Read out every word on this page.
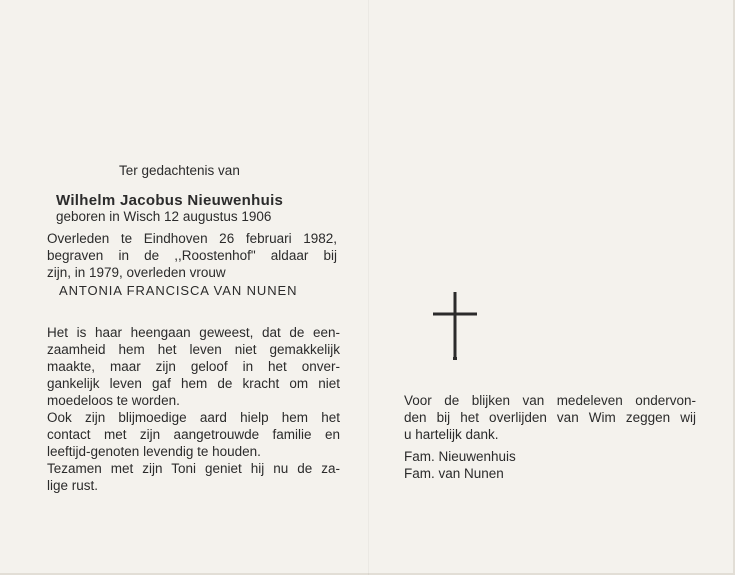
Ter gedachtenis van
Wilhelm Jacobus Nieuwenhuis
geboren in Wisch 12 augustus 1906
Overleden te Eindhoven 26 februari 1982,
begraven in de ,,Roostenhof" aldaar bij
zijn, in 1979, overleden vrouw
ANTONIA FRANCISCA VAN NUNEN
Het is haar heengaan geweest, dat de een-
zaamheid hem het leven niet gemakkelijk
maakte, maar zijn geloof in het onver-
gankelijk leven gaf hem de kracht om niet
moedeloos te worden.
Ook zijn blijmoedige aard hielp hem het
contact met zijn aangetrouwde familie en
leeftijd-genoten levendig te houden.
Tezamen met zijn Toni geniet hij nu de za-
lige rust.
Voor de blijken van medeleven ondervon-
den bij het overlijden van Wim zeggen wij
u hartelijk dank.
Fam. Nieuwenhuis
Fam. van Nunen
